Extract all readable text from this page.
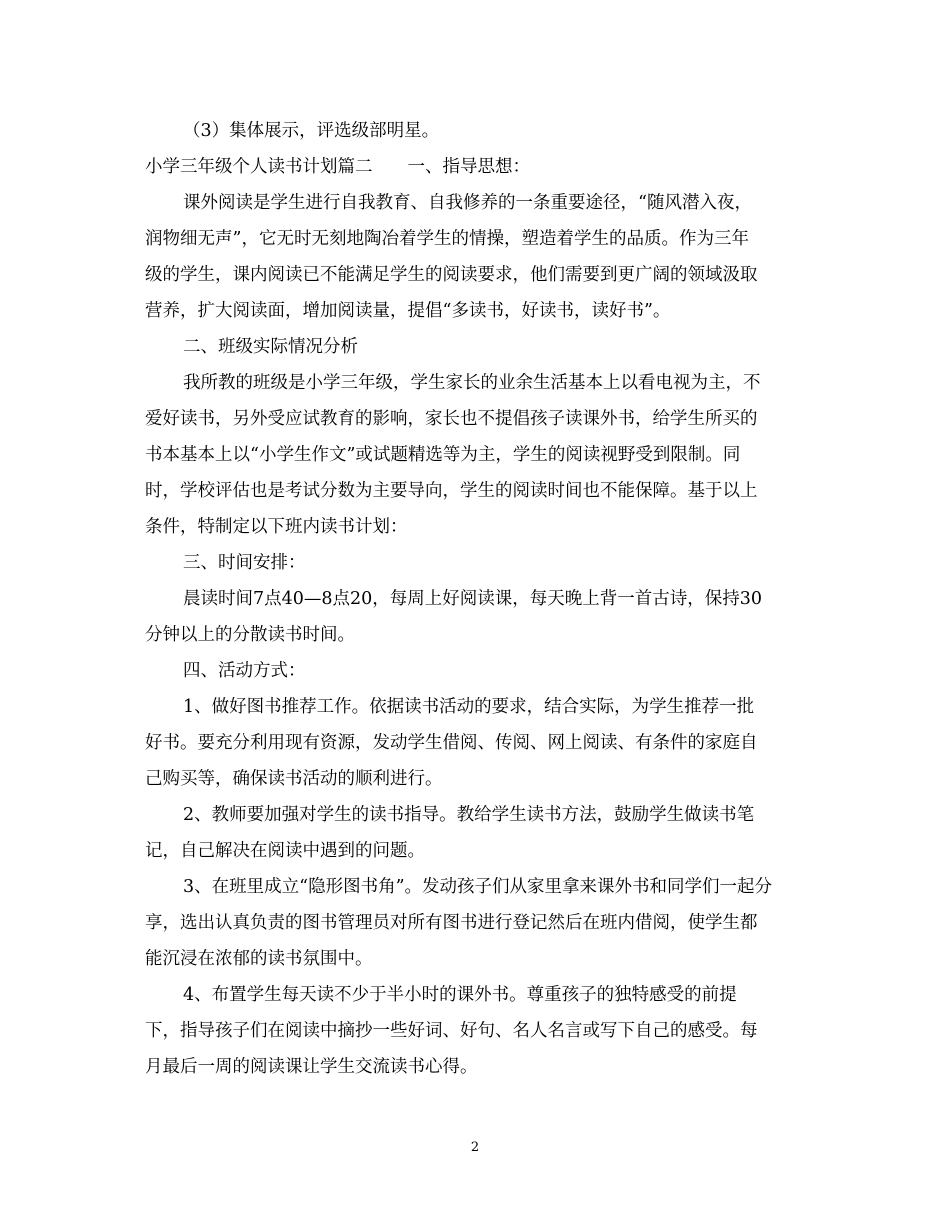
（3）集体展示，评选级部明星。
小学三年级个人读书计划篇二　　一、指导思想：
课外阅读是学生进行自我教育、自我修养的一条重要途径，“随风潜入夜，
润物细无声”，它无时无刻地陶冶着学生的情操，塑造着学生的品质。作为三年
级的学生，课内阅读已不能满足学生的阅读要求，他们需要到更广阔的领域汲取
营养，扩大阅读面，增加阅读量，提倡“多读书，好读书，读好书”。
二、班级实际情况分析
我所教的班级是小学三年级，学生家长的业余生活基本上以看电视为主，不
爱好读书，另外受应试教育的影响，家长也不提倡孩子读课外书，给学生所买的
书本基本上以“小学生作文”或试题精选等为主，学生的阅读视野受到限制。同
时，学校评估也是考试分数为主要导向，学生的阅读时间也不能保障。基于以上
条件，特制定以下班内读书计划：
三、时间安排：
晨读时间7点40—8点20，每周上好阅读课，每天晚上背一首古诗，保持30
分钟以上的分散读书时间。
四、活动方式：
1、做好图书推荐工作。依据读书活动的要求，结合实际，为学生推荐一批
好书。要充分利用现有资源，发动学生借阅、传阅、网上阅读、有条件的家庭自
己购买等，确保读书活动的顺利进行。
2、教师要加强对学生的读书指导。教给学生读书方法，鼓励学生做读书笔
记，自己解决在阅读中遇到的问题。
3、在班里成立“隐形图书角”。发动孩子们从家里拿来课外书和同学们一起分
享，选出认真负责的图书管理员对所有图书进行登记然后在班内借阅，使学生都
能沉浸在浓郁的读书氛围中。
4、布置学生每天读不少于半小时的课外书。尊重孩子的独特感受的前提
下，指导孩子们在阅读中摘抄一些好词、好句、名人名言或写下自己的感受。每
月最后一周的阅读课让学生交流读书心得。
2
